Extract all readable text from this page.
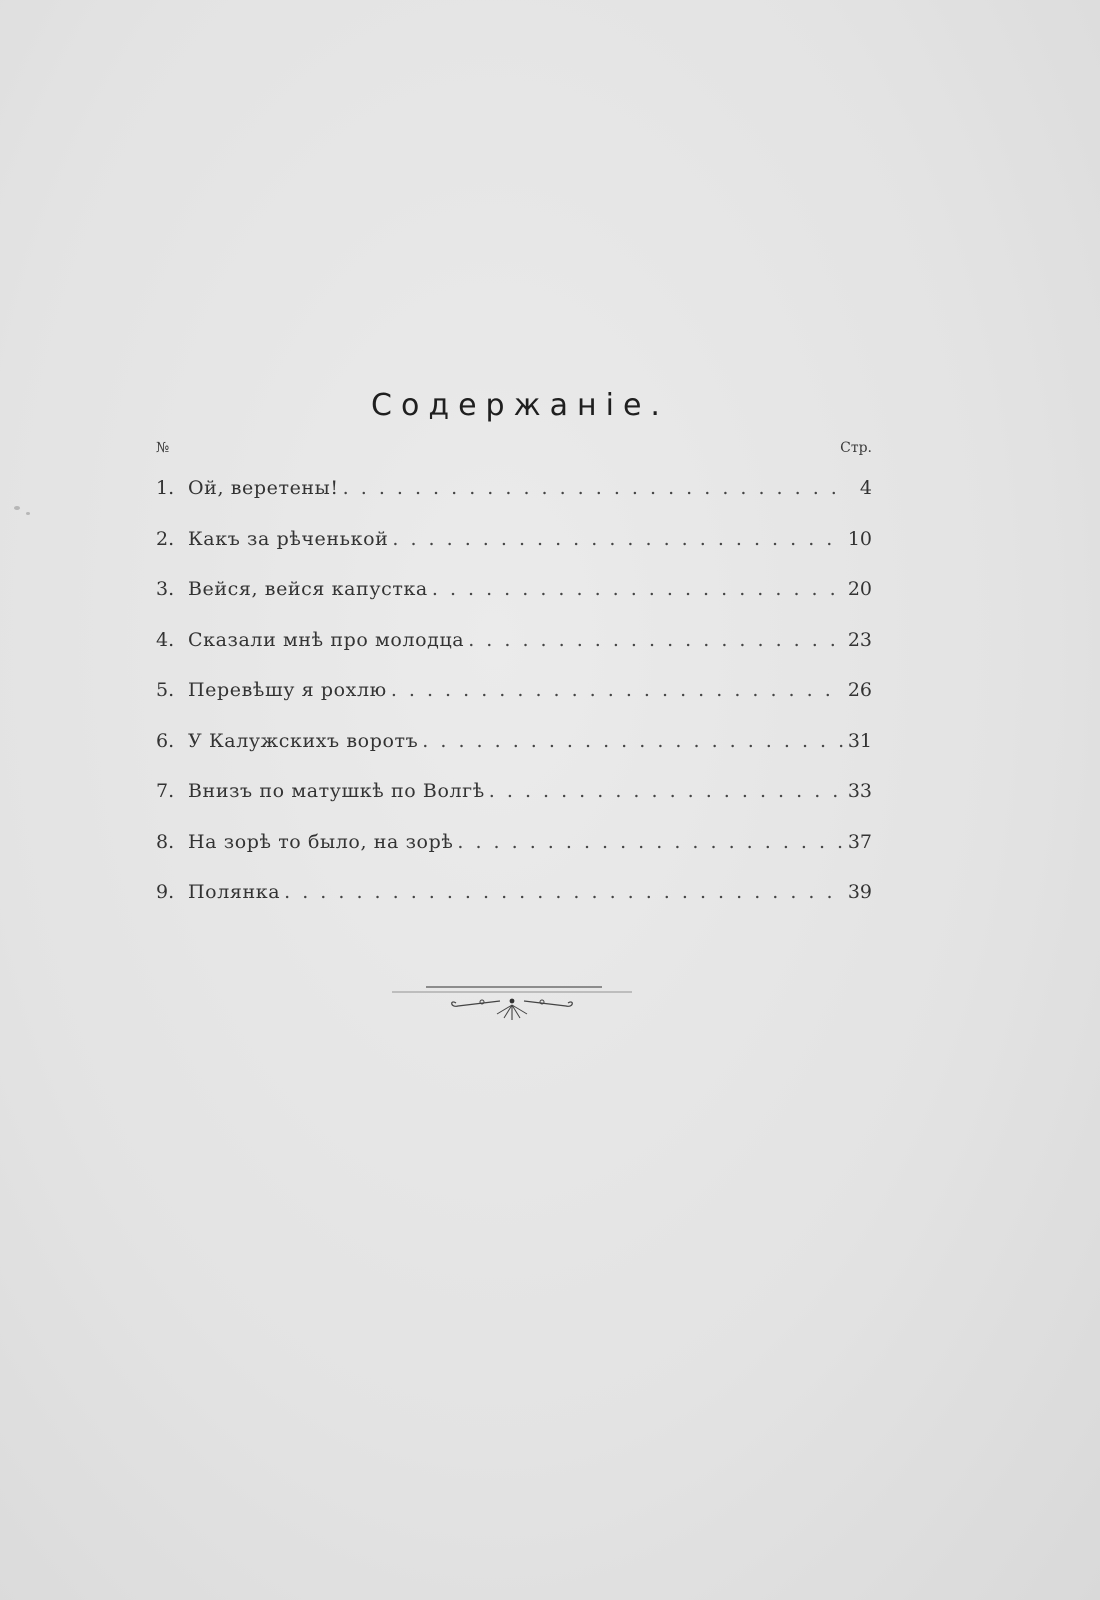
Содержаніе.
№	Стр.
1. Ой, веретены! . . .	4
2. Какъ за рѣченькой . . .	10
3. Вейся, вейся капустка . . .	20
4. Сказали мнѣ про молодца . . .	23
5. Перевѣшу я рохлю . . .	26
6. У Калужскихъ воротъ . . .	31
7. Внизъ по матушкѣ по Волгѣ . . .	33
8. На зорѣ то было, на зорѣ . . .	37
9. Полянка . . .	39
